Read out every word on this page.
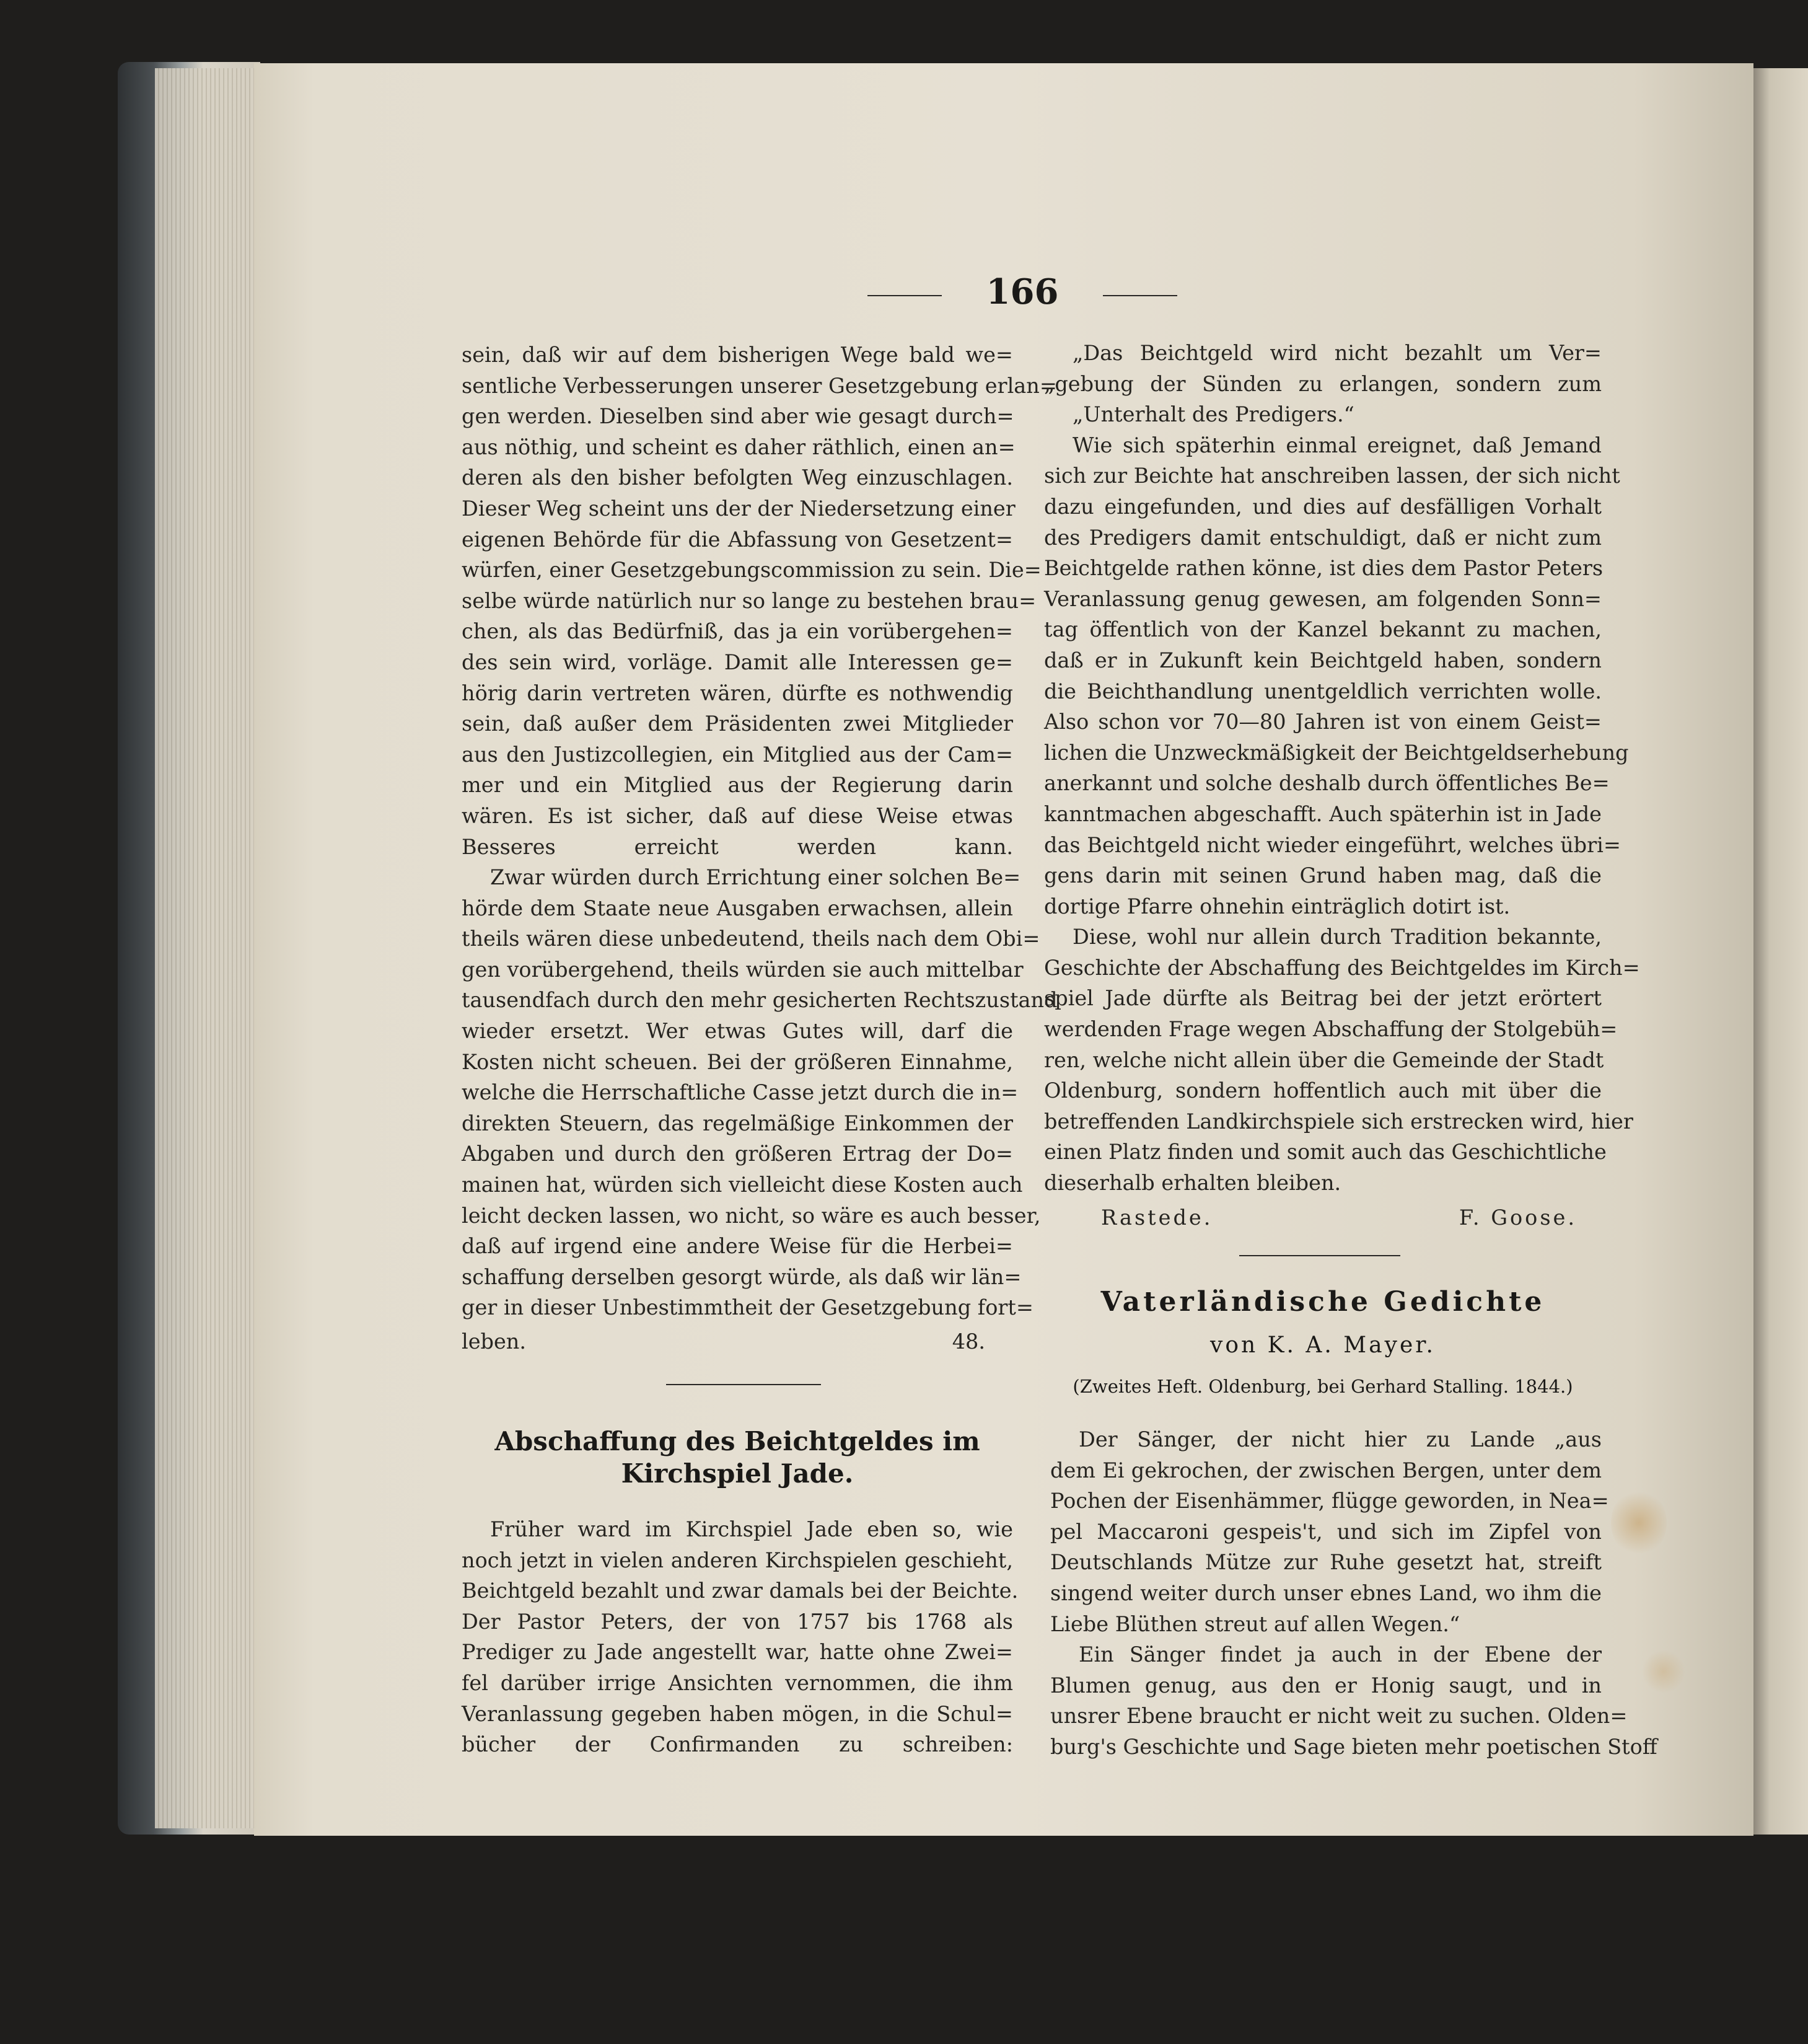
166
sein, daß wir auf dem bisherigen Wege bald we=
sentliche Verbesserungen unserer Gesetzgebung erlan=
gen werden. Dieselben sind aber wie gesagt durch=
aus nöthig, und scheint es daher räthlich, einen an=
deren als den bisher befolgten Weg einzuschlagen.
Dieser Weg scheint uns der der Niedersetzung einer
eigenen Behörde für die Abfassung von Gesetzent=
würfen, einer Gesetzgebungscommission zu sein. Die=
selbe würde natürlich nur so lange zu bestehen brau=
chen, als das Bedürfniß, das ja ein vorübergehen=
des sein wird, vorläge. Damit alle Interessen ge=
hörig darin vertreten wären, dürfte es nothwendig
sein, daß außer dem Präsidenten zwei Mitglieder
aus den Justizcollegien, ein Mitglied aus der Cam=
mer und ein Mitglied aus der Regierung darin
wären. Es ist sicher, daß auf diese Weise etwas
Besseres erreicht werden kann.
Zwar würden durch Errichtung einer solchen Be=
hörde dem Staate neue Ausgaben erwachsen, allein
theils wären diese unbedeutend, theils nach dem Obi=
gen vorübergehend, theils würden sie auch mittelbar
tausendfach durch den mehr gesicherten Rechtszustand
wieder ersetzt. Wer etwas Gutes will, darf die
Kosten nicht scheuen. Bei der größeren Einnahme,
welche die Herrschaftliche Casse jetzt durch die in=
direkten Steuern, das regelmäßige Einkommen der
Abgaben und durch den größeren Ertrag der Do=
mainen hat, würden sich vielleicht diese Kosten auch
leicht decken lassen, wo nicht, so wäre es auch besser,
daß auf irgend eine andere Weise für die Herbei=
schaffung derselben gesorgt würde, als daß wir län=
ger in dieser Unbestimmtheit der Gesetzgebung fort=
leben.	48.
Abschaffung des Beichtgeldes im
Kirchspiel Jade.
Früher ward im Kirchspiel Jade eben so, wie
noch jetzt in vielen anderen Kirchspielen geschieht,
Beichtgeld bezahlt und zwar damals bei der Beichte.
Der Pastor Peters, der von 1757 bis 1768 als
Prediger zu Jade angestellt war, hatte ohne Zwei=
fel darüber irrige Ansichten vernommen, die ihm
Veranlassung gegeben haben mögen, in die Schul=
bücher der Confirmanden zu schreiben:
„Das Beichtgeld wird nicht bezahlt um Ver=
„gebung der Sünden zu erlangen, sondern zum
„Unterhalt des Predigers.“
Wie sich späterhin einmal ereignet, daß Jemand
sich zur Beichte hat anschreiben lassen, der sich nicht
dazu eingefunden, und dies auf desfälligen Vorhalt
des Predigers damit entschuldigt, daß er nicht zum
Beichtgelde rathen könne, ist dies dem Pastor Peters
Veranlassung genug gewesen, am folgenden Sonn=
tag öffentlich von der Kanzel bekannt zu machen,
daß er in Zukunft kein Beichtgeld haben, sondern
die Beichthandlung unentgeldlich verrichten wolle.
Also schon vor 70—80 Jahren ist von einem Geist=
lichen die Unzweckmäßigkeit der Beichtgeldserhebung
anerkannt und solche deshalb durch öffentliches Be=
kanntmachen abgeschafft. Auch späterhin ist in Jade
das Beichtgeld nicht wieder eingeführt, welches übri=
gens darin mit seinen Grund haben mag, daß die
dortige Pfarre ohnehin einträglich dotirt ist.
Diese, wohl nur allein durch Tradition bekannte,
Geschichte der Abschaffung des Beichtgeldes im Kirch=
spiel Jade dürfte als Beitrag bei der jetzt erörtert
werdenden Frage wegen Abschaffung der Stolgebüh=
ren, welche nicht allein über die Gemeinde der Stadt
Oldenburg, sondern hoffentlich auch mit über die
betreffenden Landkirchspiele sich erstrecken wird, hier
einen Platz finden und somit auch das Geschichtliche
dieserhalb erhalten bleiben.
Rastede.	F. Goose.
Vaterländische Gedichte
von K. A. Mayer.
(Zweites Heft. Oldenburg, bei Gerhard Stalling. 1844.)
Der Sänger, der nicht hier zu Lande „aus
dem Ei gekrochen, der zwischen Bergen, unter dem
Pochen der Eisenhämmer, flügge geworden, in Nea=
pel Maccaroni gespeis't, und sich im Zipfel von
Deutschlands Mütze zur Ruhe gesetzt hat, streift
singend weiter durch unser ebnes Land, wo ihm die
Liebe Blüthen streut auf allen Wegen.“
Ein Sänger findet ja auch in der Ebene der
Blumen genug, aus den er Honig saugt, und in
unsrer Ebene braucht er nicht weit zu suchen. Olden=
burg's Geschichte und Sage bieten mehr poetischen Stoff
